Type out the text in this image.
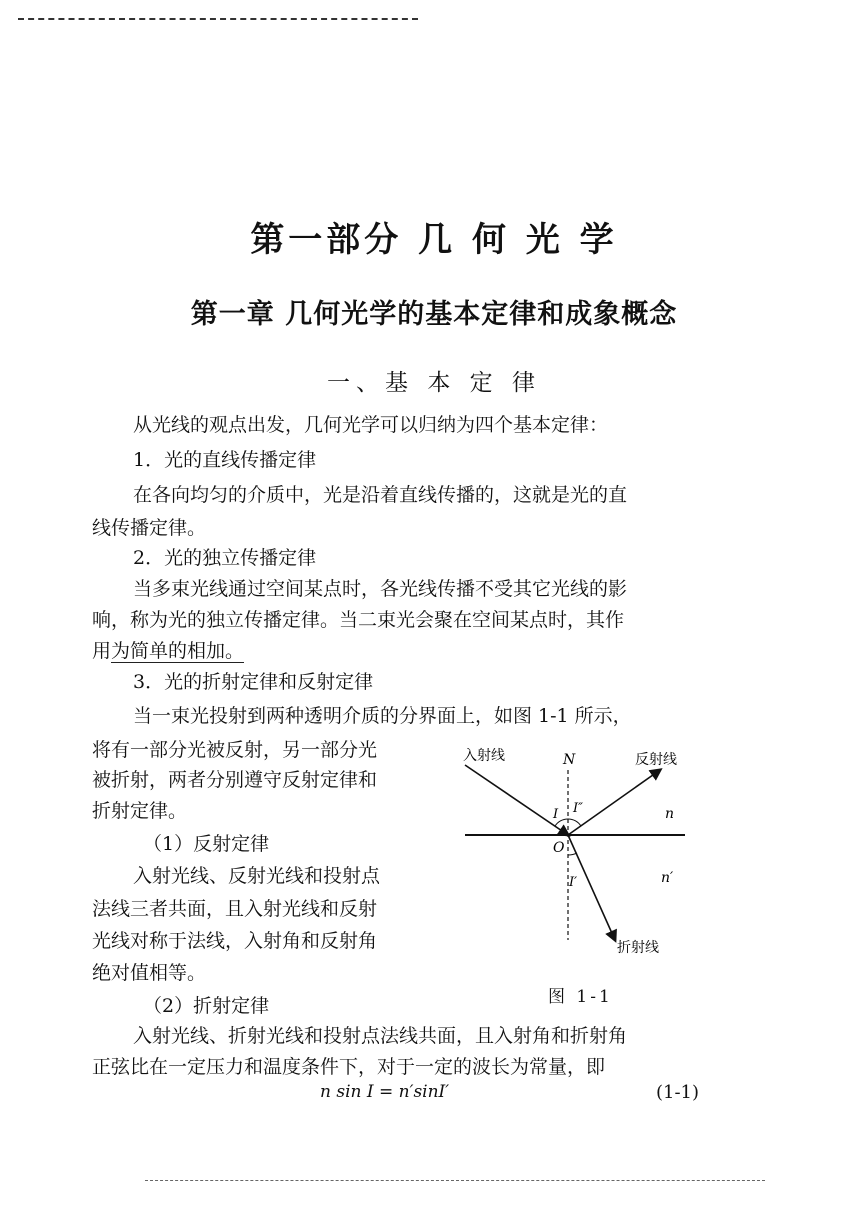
第一部分 几 何 光 学
第一章 几何光学的基本定律和成象概念
一、基 本 定 律
从光线的观点出发，几何光学可以归纳为四个基本定律：
1．光的直线传播定律
在各向均匀的介质中，光是沿着直线传播的，这就是光的直
线传播定律。
2．光的独立传播定律
当多束光线通过空间某点时，各光线传播不受其它光线的影
响，称为光的独立传播定律。当二束光会聚在空间某点时，其作
用为简单的相加。
3．光的折射定律和反射定律
当一束光投射到两种透明介质的分界面上，如图 1-1 所示，
将有一部分光被反射，另一部分光
被折射，两者分别遵守反射定律和
折射定律。
（1）反射定律
入射光线、反射光线和投射点
法线三者共面，且入射光线和反射
光线对称于法线，入射角和反射角
绝对值相等。
（2）折射定律
入射光线、折射光线和投射点法线共面，且入射角和折射角
正弦比在一定压力和温度条件下，对于一定的波长为常量，即
n sin I = n′sinI′	(1-1)
入射线	反射线
折射线
N
O
I I″
I′
n
n′
图 1-1
